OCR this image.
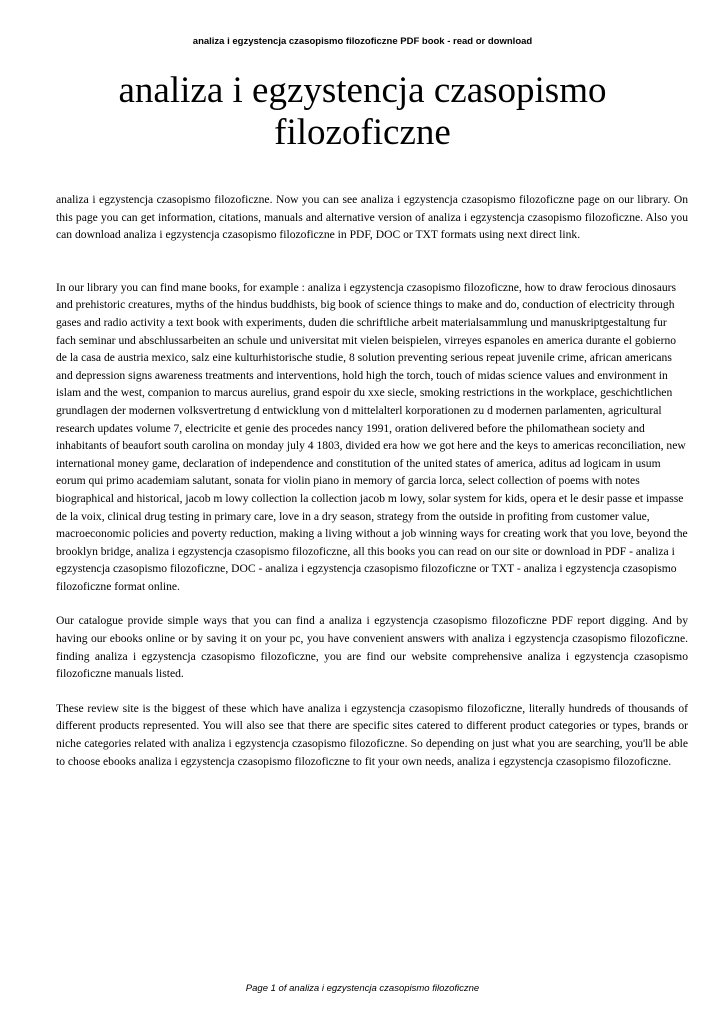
analiza i egzystencja czasopismo filozoficzne PDF book - read or download
analiza i egzystencja czasopismo filozoficzne

analiza i egzystencja czasopismo filozoficzne. Now you can see analiza i egzystencja czasopismo filozoficzne page on our library. On this page you can get information, citations, manuals and alternative version of analiza i egzystencja czasopismo filozoficzne. Also you can download analiza i egzystencja czasopismo filozoficzne in PDF, DOC or TXT formats using next direct link.

In our library you can find mane books, for example : analiza i egzystencja czasopismo filozoficzne, how to draw ferocious dinosaurs and prehistoric creatures, myths of the hindus buddhists, big book of science things to make and do, conduction of electricity through gases and radio activity a text book with experiments, duden die schriftliche arbeit materialsammlung und manuskriptgestaltung fur fach seminar und abschlussarbeiten an schule und universitat mit vielen beispielen, virreyes espanoles en america durante el gobierno de la casa de austria mexico, salz eine kulturhistorische studie, 8 solution preventing serious repeat juvenile crime, african americans and depression signs awareness treatments and interventions, hold high the torch, touch of midas science values and environment in islam and the west, companion to marcus aurelius, grand espoir du xxe siecle, smoking restrictions in the workplace, geschichtlichen grundlagen der modernen volksvertretung d entwicklung von d mittelalterl korporationen zu d modernen parlamenten, agricultural research updates volume 7, electricite et genie des procedes nancy 1991, oration delivered before the philomathean society and inhabitants of beaufort south carolina on monday july 4 1803, divided era how we got here and the keys to americas reconciliation, new international money game, declaration of independence and constitution of the united states of america, aditus ad logicam in usum eorum qui primo academiam salutant, sonata for violin piano in memory of garcia lorca, select collection of poems with notes biographical and historical, jacob m lowy collection la collection jacob m lowy, solar system for kids, opera et le desir passe et impasse de la voix, clinical drug testing in primary care, love in a dry season, strategy from the outside in profiting from customer value, macroeconomic policies and poverty reduction, making a living without a job winning ways for creating work that you love, beyond the brooklyn bridge, analiza i egzystencja czasopismo filozoficzne, all this books you can read on our site or download in PDF - analiza i egzystencja czasopismo filozoficzne, DOC - analiza i egzystencja czasopismo filozoficzne or TXT - analiza i egzystencja czasopismo filozoficzne format online.

Our catalogue provide simple ways that you can find a analiza i egzystencja czasopismo filozoficzne PDF report digging. And by having our ebooks online or by saving it on your pc, you have convenient answers with analiza i egzystencja czasopismo filozoficzne. finding analiza i egzystencja czasopismo filozoficzne, you are find our website comprehensive analiza i egzystencja czasopismo filozoficzne manuals listed.

These review site is the biggest of these which have analiza i egzystencja czasopismo filozoficzne, literally hundreds of thousands of different products represented. You will also see that there are specific sites catered to different product categories or types, brands or niche categories related with analiza i egzystencja czasopismo filozoficzne. So depending on just what you are searching, you'll be able to choose ebooks analiza i egzystencja czasopismo filozoficzne to fit your own needs, analiza i egzystencja czasopismo filozoficzne.

Page 1 of analiza i egzystencja czasopismo filozoficzne
